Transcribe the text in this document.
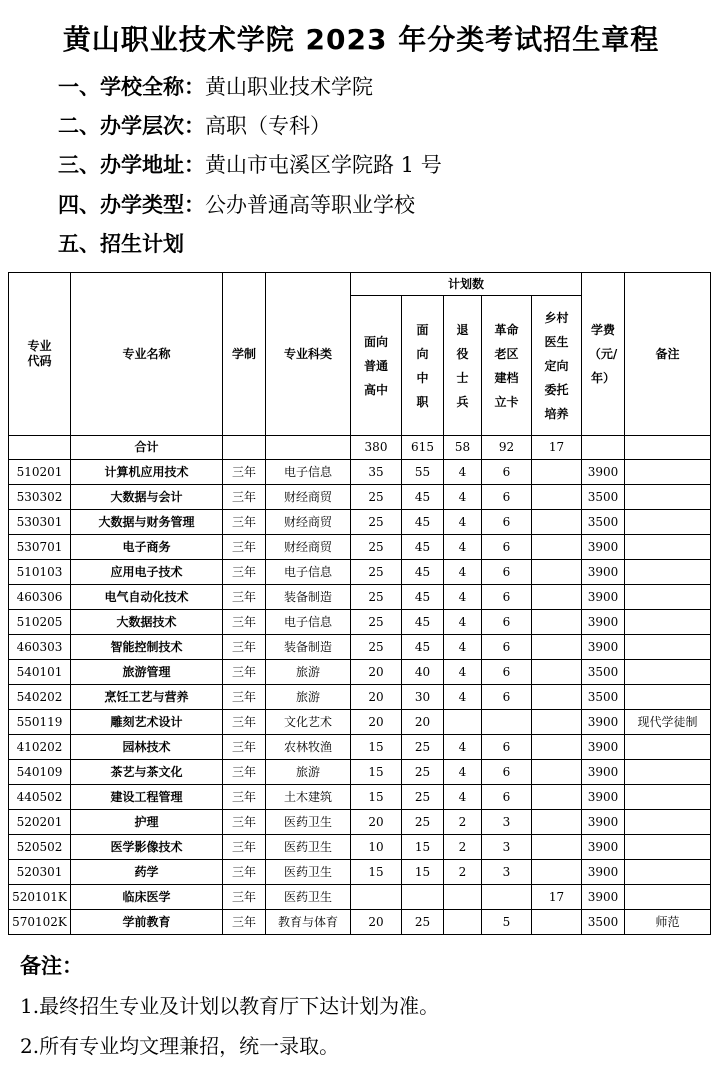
黄山职业技术学院 2023 年分类考试招生章程
一、学校全称：黄山职业技术学院
二、办学层次：高职（专科）
三、办学地址：黄山市屯溪区学院路 1 号
四、办学类型：公办普通高等职业学校
五、招生计划
专业代码	专业名称	学制	专业科类	计划数					学费（元/年）	备注
				面向普通高中	面向中职	退役士兵	革命老区建档立卡	乡村医生定向委托培养		
	合计			380	615	58	92	17		
510201	计算机应用技术	三年	电子信息	35	55	4	6		3900	
530302	大数据与会计	三年	财经商贸	25	45	4	6		3500	
530301	大数据与财务管理	三年	财经商贸	25	45	4	6		3500	
530701	电子商务	三年	财经商贸	25	45	4	6		3900	
510103	应用电子技术	三年	电子信息	25	45	4	6		3900	
460306	电气自动化技术	三年	装备制造	25	45	4	6		3900	
510205	大数据技术	三年	电子信息	25	45	4	6		3900	
460303	智能控制技术	三年	装备制造	25	45	4	6		3900	
540101	旅游管理	三年	旅游	20	40	4	6		3500	
540202	烹饪工艺与营养	三年	旅游	20	30	4	6		3500	
550119	雕刻艺术设计	三年	文化艺术	20	20				3900	现代学徒制
410202	园林技术	三年	农林牧渔	15	25	4	6		3900	
540109	茶艺与茶文化	三年	旅游	15	25	4	6		3900	
440502	建设工程管理	三年	土木建筑	15	25	4	6		3900	
520201	护理	三年	医药卫生	20	25	2	3		3900	
520502	医学影像技术	三年	医药卫生	10	15	2	3		3900	
520301	药学	三年	医药卫生	15	15	2	3		3900	
520101K	临床医学	三年	医药卫生					17	3900	
570102K	学前教育	三年	教育与体育	20	25		5		3500	师范
备注：
1.最终招生专业及计划以教育厅下达计划为准。
2.所有专业均文理兼招，统一录取。
